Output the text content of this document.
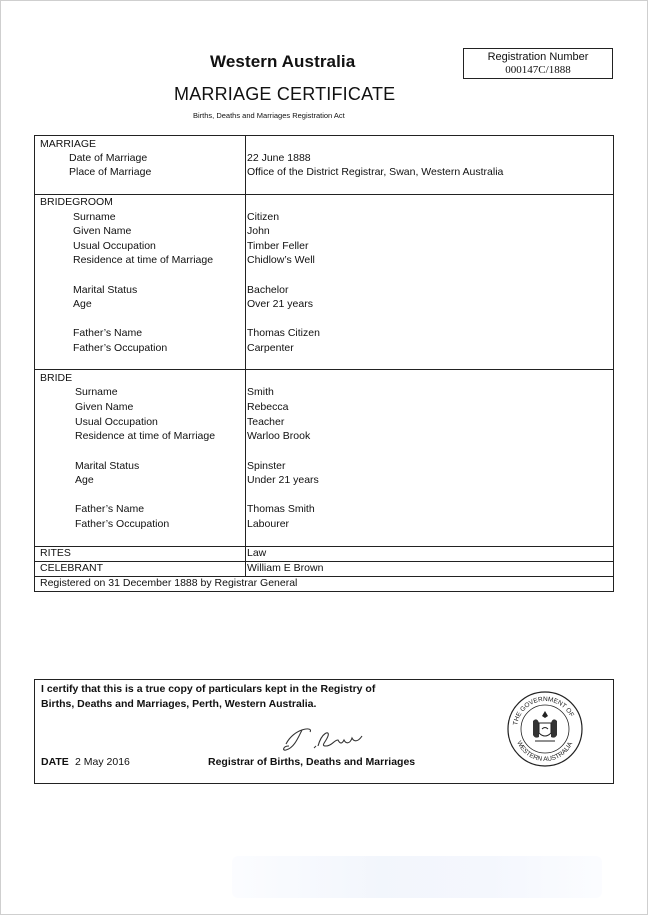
Western Australia
MARRIAGE CERTIFICATE
Births, Deaths and Marriages Registration Act
Registration Number
000147C/1888
MARRIAGE
Date of Marriage	22 June 1888
Place of Marriage	Office of the District Registrar, Swan, Western Australia
BRIDEGROOM
Surname	Citizen
Given Name	John
Usual Occupation	Timber Feller
Residence at time of Marriage	Chidlow’s Well
Marital Status	Bachelor
Age	Over 21 years
Father’s Name	Thomas Citizen
Father’s Occupation	Carpenter
BRIDE
Surname	Smith
Given Name	Rebecca
Usual Occupation	Teacher
Residence at time of Marriage	Warloo Brook
Marital Status	Spinster
Age	Under 21 years
Father’s Name	Thomas Smith
Father’s Occupation	Labourer
RITES	Law
CELEBRANT	William E Brown
Registered on 31 December 1888 by Registrar General
I certify that this is a true copy of particulars kept in the Registry of
Births, Deaths and Marriages, Perth, Western Australia.
DATE 2 May 2016	Registrar of Births, Deaths and Marriages
THE GOVERNMENT OF
WESTERN AUSTRALIA
